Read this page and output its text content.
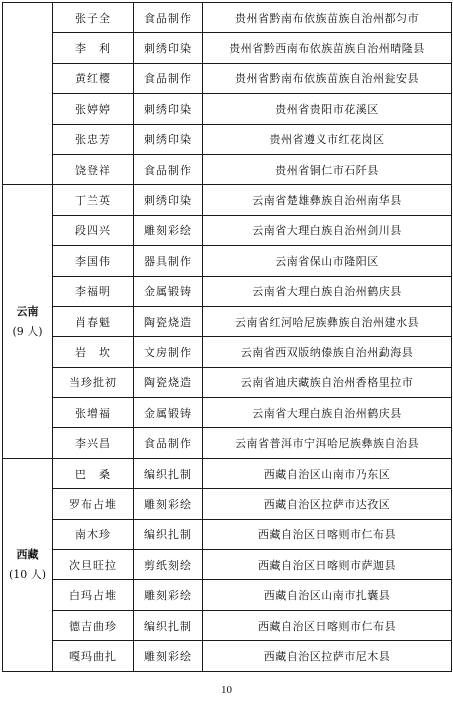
	张子全	食品制作	贵州省黔南布依族苗族自治州都匀市
	李　利	刺绣印染	贵州省黔西南布依族苗族自治州晴隆县
	黄红樱	食品制作	贵州省黔南布依族苗族自治州瓮安县
	张婷婷	刺绣印染	贵州省贵阳市花溪区
	张忠芳	刺绣印染	贵州省遵义市红花岗区
	饶登祥	食品制作	贵州省铜仁市石阡县

云南
(9 人)	丁兰英	刺绣印染	云南省楚雄彝族自治州南华县
	段四兴	雕刻彩绘	云南省大理白族自治州剑川县
	李国伟	器具制作	云南省保山市隆阳区
	李福明	金属锻铸	云南省大理白族自治州鹤庆县
	肖春魁	陶瓷烧造	云南省红河哈尼族彝族自治州建水县
	岩　坎	文房制作	云南省西双版纳傣族自治州勐海县
	当珍批初	陶瓷烧造	云南省迪庆藏族自治州香格里拉市
	张增福	金属锻铸	云南省大理白族自治州鹤庆县
	李兴昌	食品制作	云南省普洱市宁洱哈尼族彝族自治县

西藏
(10 人)	巴　桑	编织扎制	西藏自治区山南市乃东区
	罗布占堆	雕刻彩绘	西藏自治区拉萨市达孜区
	南木珍	编织扎制	西藏自治区日喀则市仁布县
	次旦旺拉	剪纸刻绘	西藏自治区日喀则市萨迦县
	白玛占堆	雕刻彩绘	西藏自治区山南市扎囊县
	德吉曲珍	编织扎制	西藏自治区日喀则市仁布县
	嘎玛曲扎	雕刻彩绘	西藏自治区拉萨市尼木县
10
